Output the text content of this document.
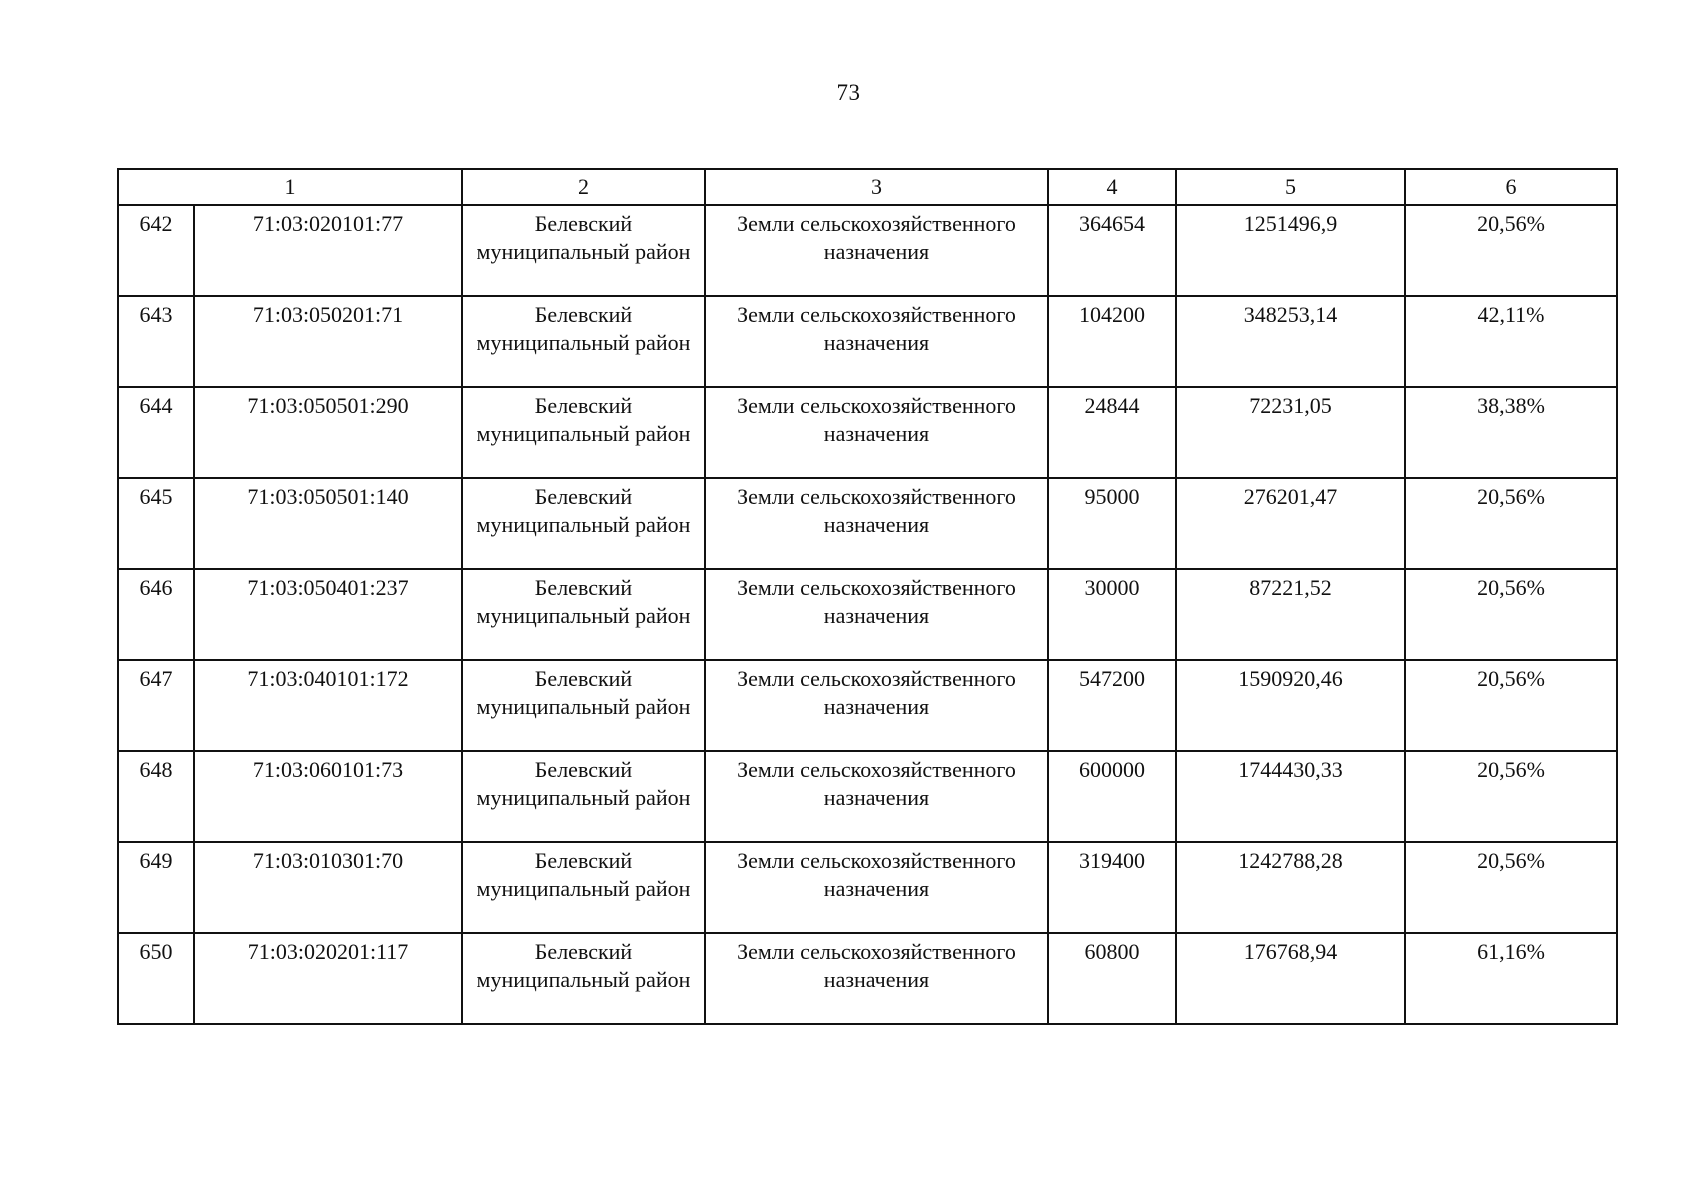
73
1		2	3	4	5	6
642	71:03:020101:77	Белевский муниципальный район	Земли сельскохозяйственного назначения	364654	1251496,9	20,56%
643	71:03:050201:71	Белевский муниципальный район	Земли сельскохозяйственного назначения	104200	348253,14	42,11%
644	71:03:050501:290	Белевский муниципальный район	Земли сельскохозяйственного назначения	24844	72231,05	38,38%
645	71:03:050501:140	Белевский муниципальный район	Земли сельскохозяйственного назначения	95000	276201,47	20,56%
646	71:03:050401:237	Белевский муниципальный район	Земли сельскохозяйственного назначения	30000	87221,52	20,56%
647	71:03:040101:172	Белевский муниципальный район	Земли сельскохозяйственного назначения	547200	1590920,46	20,56%
648	71:03:060101:73	Белевский муниципальный район	Земли сельскохозяйственного назначения	600000	1744430,33	20,56%
649	71:03:010301:70	Белевский муниципальный район	Земли сельскохозяйственного назначения	319400	1242788,28	20,56%
650	71:03:020201:117	Белевский муниципальный район	Земли сельскохозяйственного назначения	60800	176768,94	61,16%
